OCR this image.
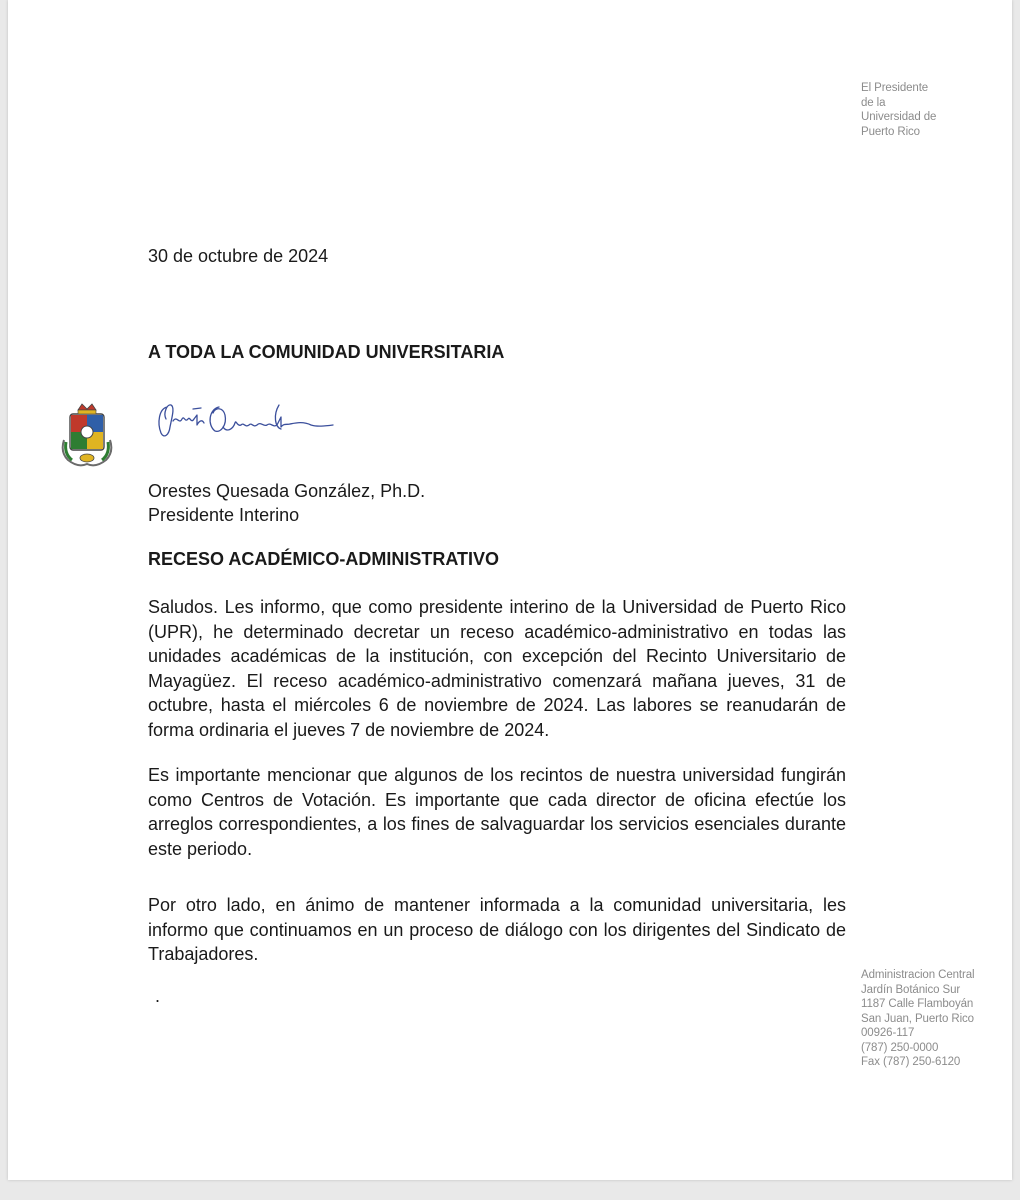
El Presidente
de la
Universidad de
Puerto Rico
30 de octubre de 2024
A TODA LA COMUNIDAD UNIVERSITARIA
Orestes Quesada González, Ph.D.
Presidente Interino
RECESO ACADÉMICO-ADMINISTRATIVO
Saludos. Les informo, que como presidente interino de la Universidad de Puerto Rico (UPR), he determinado decretar un receso académico-administrativo en todas las unidades académicas de la institución, con excepción del Recinto Universitario de Mayagüez. El receso académico-administrativo comenzará mañana jueves, 31 de octubre, hasta el miércoles 6 de noviembre de 2024. Las labores se reanudarán de forma ordinaria el jueves 7 de noviembre de 2024.
Es importante mencionar que algunos de los recintos de nuestra universidad fungirán como Centros de Votación. Es importante que cada director de oficina efectúe los arreglos correspondientes, a los fines de salvaguardar los servicios esenciales durante este periodo.
Por otro lado, en ánimo de mantener informada a la comunidad universitaria, les informo que continuamos en un proceso de diálogo con los dirigentes del Sindicato de Trabajadores.
.
Administracion Central
Jardín Botánico Sur
1187 Calle Flamboyán
San Juan, Puerto Rico
00926-117
(787) 250-0000
Fax (787) 250-6120
